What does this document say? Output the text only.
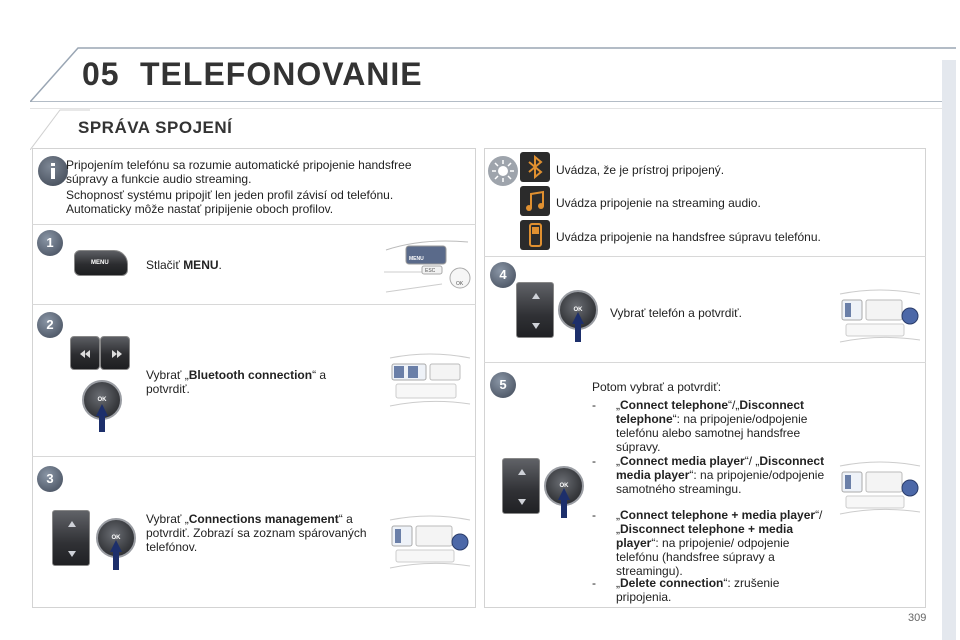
05 TELEFONOVANIE
SPRÁVA SPOJENÍ
Pripojením telefónu sa rozumie automatické pripojenie handsfree súpravy a funkcie audio streaming.
Schopnosť systému pripojiť len jeden profil závisí od telefónu. Automaticky môže nastať pripijenie oboch profilov.
1
MENU	Stlačiť MENU.	MENU
ESC
OK
2
OK
Vybrať „Bluetooth connection“ a potvrdiť.
3
OK
Vybrať „Connections management“ a potvrdiť. Zobrazí sa zoznam spárovaných telefónov.
Uvádza, že je prístroj pripojený.
Uvádza pripojenie na streaming audio.
Uvádza pripojenie na handsfree súpravu telefónu.
4
OK	Vybrať telefón a potvrdiť.
5
OK
Potom vybrať a potvrdiť:
- „Connect telephone“/„Disconnect telephone“: na pripojenie/odpojenie telefónu alebo samotnej handsfree súpravy.
- „Connect media player“/ „Disconnect media player“: na pripojenie/odpojenie samotného streamingu.
- „Connect telephone + media player“/„Disconnect telephone + media player“: na pripojenie/ odpojenie telefónu (handsfree súpravy a streamingu).
- „Delete connection“: zrušenie pripojenia.
309
